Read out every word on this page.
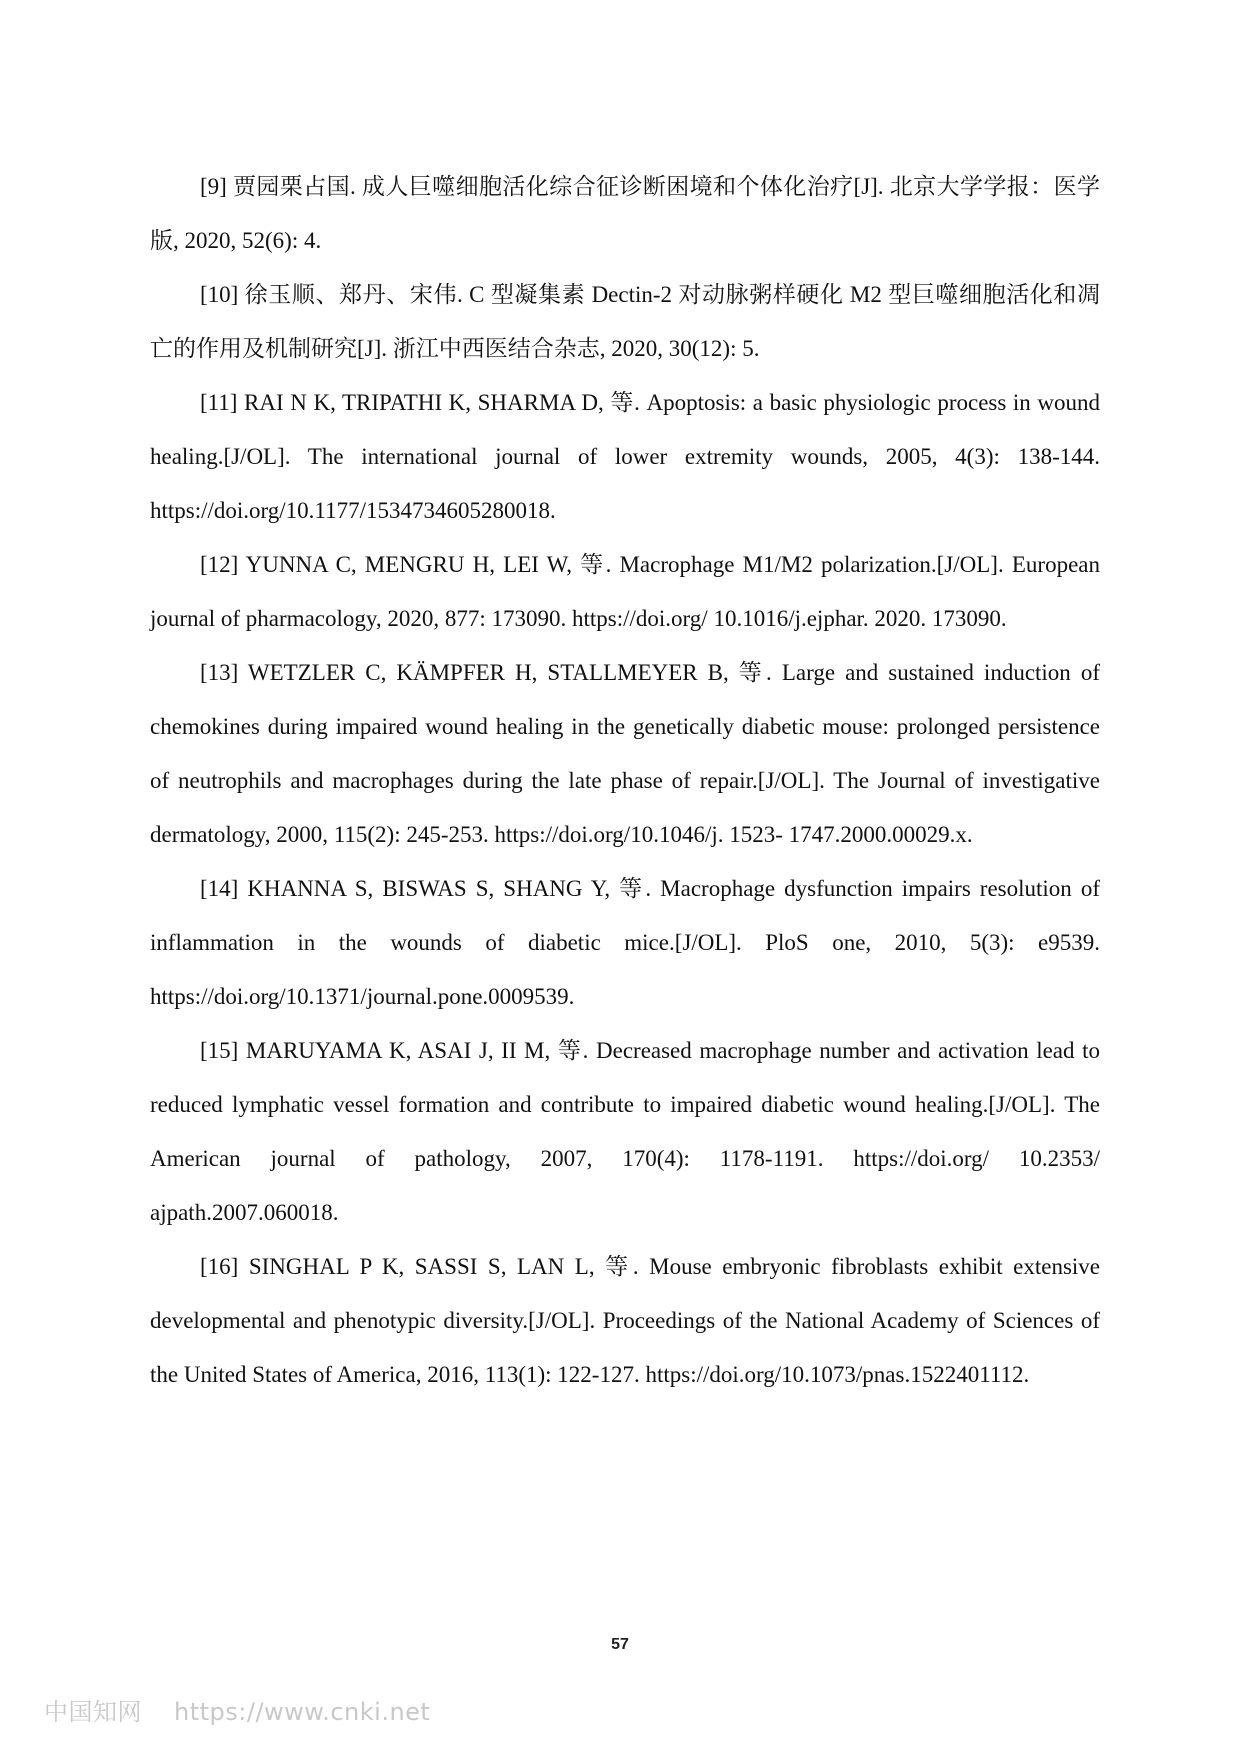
[9] 贾园栗占国. 成人巨噬细胞活化综合征诊断困境和个体化治疗[J]. 北京大学学报：医学版, 2020, 52(6): 4.

[10] 徐玉顺、郑丹、宋伟. C 型凝集素 Dectin-2 对动脉粥样硬化 M2 型巨噬细胞活化和凋亡的作用及机制研究[J]. 浙江中西医结合杂志, 2020, 30(12): 5.

[11] RAI N K, TRIPATHI K, SHARMA D, 等. Apoptosis: a basic physiologic process in wound healing.[J/OL]. The international journal of lower extremity wounds, 2005, 4(3): 138-144. https://doi.org/10.1177/1534734605280018.

[12] YUNNA C, MENGRU H, LEI W, 等. Macrophage M1/M2 polarization.[J/OL]. European journal of pharmacology, 2020, 877: 173090. https://doi.org/ 10.1016/j.ejphar. 2020. 173090.

[13] WETZLER C, KÄMPFER H, STALLMEYER B, 等. Large and sustained induction of chemokines during impaired wound healing in the genetically diabetic mouse: prolonged persistence of neutrophils and macrophages during the late phase of repair.[J/OL]. The Journal of investigative dermatology, 2000, 115(2): 245-253. https://doi.org/10.1046/j. 1523- 1747.2000.00029.x.

[14] KHANNA S, BISWAS S, SHANG Y, 等. Macrophage dysfunction impairs resolution of inflammation in the wounds of diabetic mice.[J/OL]. PloS one, 2010, 5(3): e9539. https://doi.org/10.1371/journal.pone.0009539.

[15] MARUYAMA K, ASAI J, II M, 等. Decreased macrophage number and activation lead to reduced lymphatic vessel formation and contribute to impaired diabetic wound healing.[J/OL]. The American journal of pathology, 2007, 170(4): 1178-1191. https://doi.org/ 10.2353/ ajpath.2007.060018.

[16] SINGHAL P K, SASSI S, LAN L, 等. Mouse embryonic fibroblasts exhibit extensive developmental and phenotypic diversity.[J/OL]. Proceedings of the National Academy of Sciences of the United States of America, 2016, 113(1): 122-127. https://doi.org/10.1073/pnas.1522401112.

57
中国知网 https://www.cnki.net
